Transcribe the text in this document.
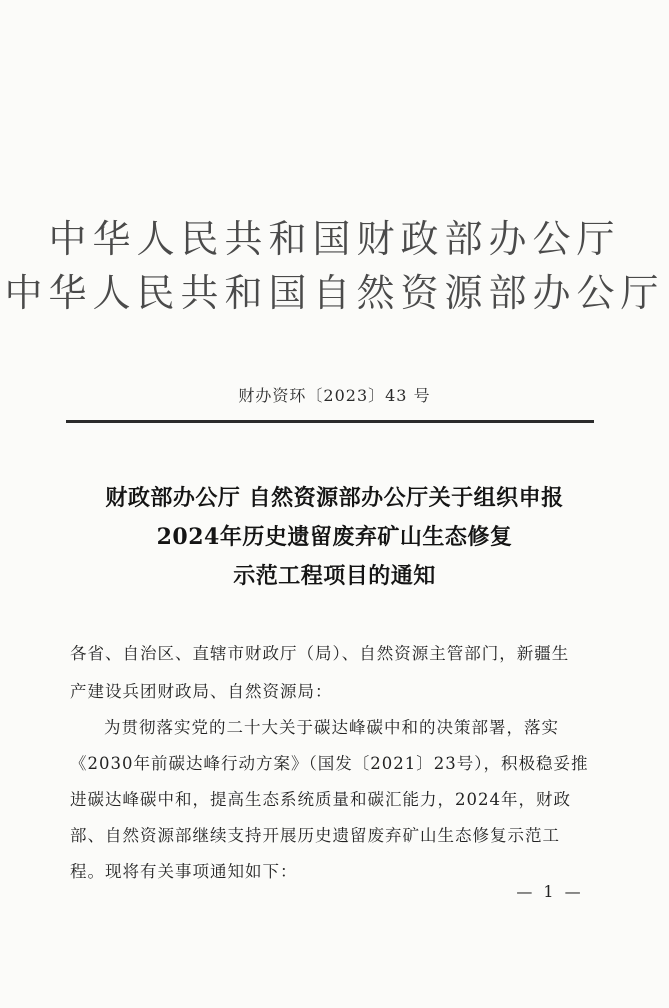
中华人民共和国财政部办公厅
中华人民共和国自然资源部办公厅
财办资环〔2023〕43 号
财政部办公厅 自然资源部办公厅关于组织申报
2024年历史遗留废弃矿山生态修复
示范工程项目的通知
各省、自治区、直辖市财政厅（局）、自然资源主管部门，新疆生
产建设兵团财政局、自然资源局：
为贯彻落实党的二十大关于碳达峰碳中和的决策部署，落实
《2030年前碳达峰行动方案》（国发〔2021〕23号），积极稳妥推
进碳达峰碳中和，提高生态系统质量和碳汇能力，2024年，财政
部、自然资源部继续支持开展历史遗留废弃矿山生态修复示范工
程。现将有关事项通知如下：
— 1 —
